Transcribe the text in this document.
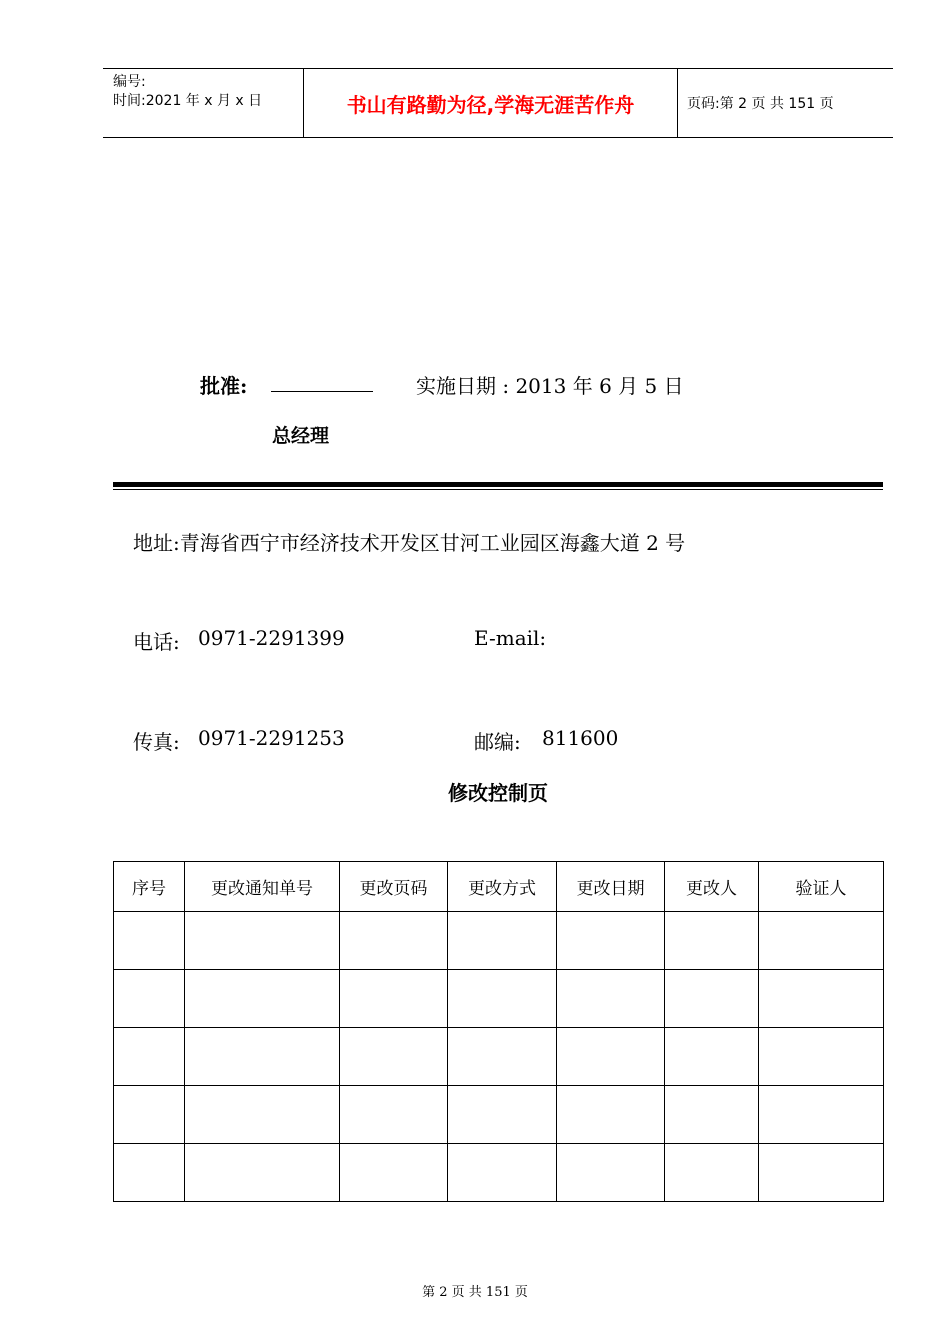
编号:
时间:2021 年 x 月 x 日	书山有路勤为径,学海无涯苦作舟	页码:第 2 页 共 151 页
批准:	实施日期 : 2013 年 6 月 5 日
总经理
地址:青海省西宁市经济技术开发区甘河工业园区海鑫大道 2 号
电话: 0971-2291399	E-mail:
传真: 0971-2291253	邮编: 811600
修改控制页
序号	更改通知单号	更改页码	更改方式	更改日期	更改人	验证人

第 2 页 共 151 页
